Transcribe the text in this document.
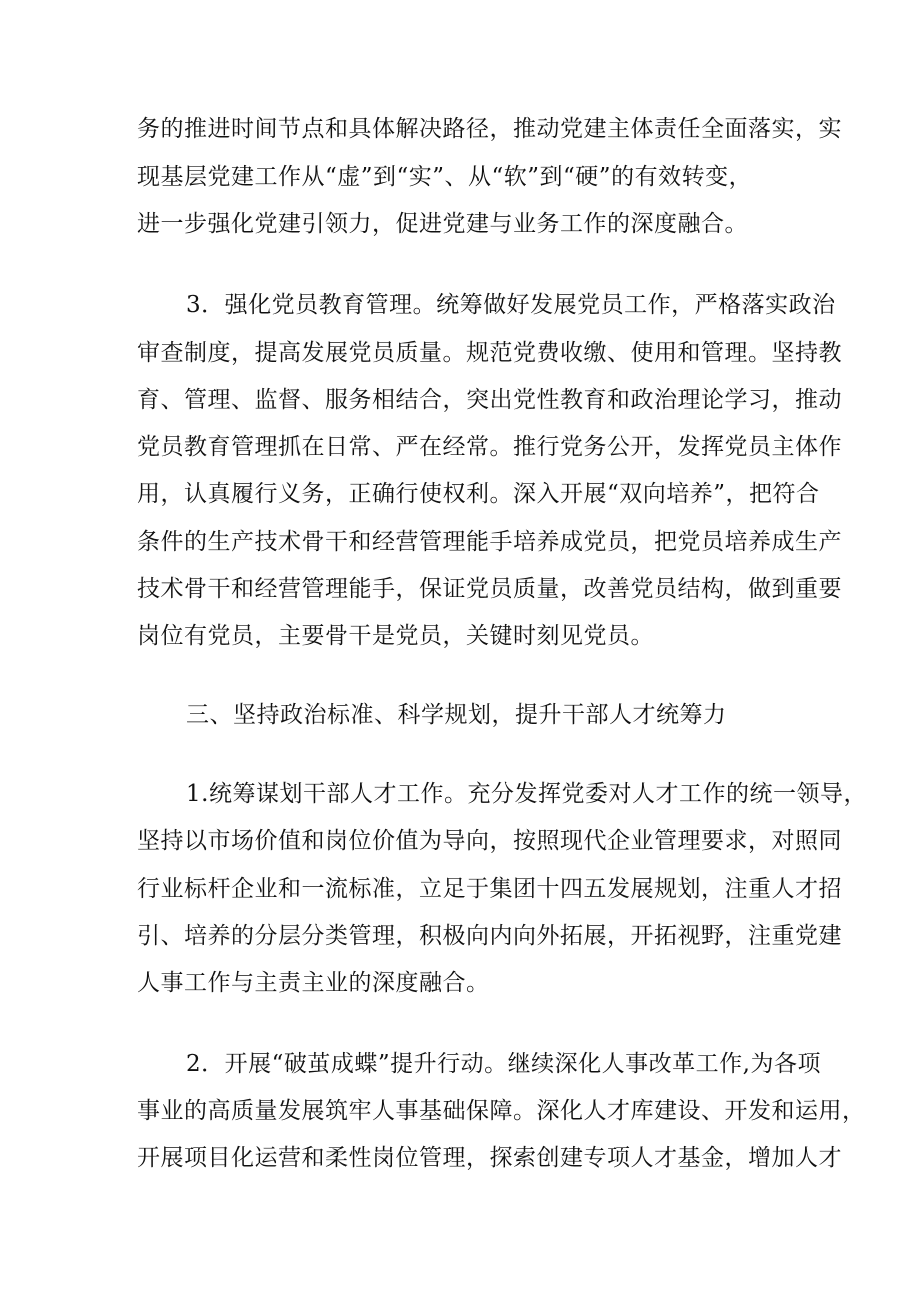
务的推进时间节点和具体解决路径，推动党建主体责任全面落实，实
现基层党建工作从“虚”到“实”、从“软”到“硬”的有效转变，
进一步强化党建引领力，促进党建与业务工作的深度融合。
3．强化党员教育管理。统筹做好发展党员工作，严格落实政治
审查制度，提高发展党员质量。规范党费收缴、使用和管理。坚持教
育、管理、监督、服务相结合，突出党性教育和政治理论学习，推动
党员教育管理抓在日常、严在经常。推行党务公开，发挥党员主体作
用，认真履行义务，正确行使权利。深入开展“双向培养”，把符合
条件的生产技术骨干和经营管理能手培养成党员，把党员培养成生产
技术骨干和经营管理能手，保证党员质量，改善党员结构，做到重要
岗位有党员，主要骨干是党员，关键时刻见党员。
三、坚持政治标准、科学规划，提升干部人才统筹力
1.统筹谋划干部人才工作。充分发挥党委对人才工作的统一领导，
坚持以市场价值和岗位价值为导向，按照现代企业管理要求，对照同
行业标杆企业和一流标准，立足于集团十四五发展规划，注重人才招
引、培养的分层分类管理，积极向内向外拓展，开拓视野，注重党建
人事工作与主责主业的深度融合。
2．开展“破茧成蝶”提升行动。继续深化人事改革工作,为各项
事业的高质量发展筑牢人事基础保障。深化人才库建设、开发和运用，
开展项目化运营和柔性岗位管理，探索创建专项人才基金，增加人才
